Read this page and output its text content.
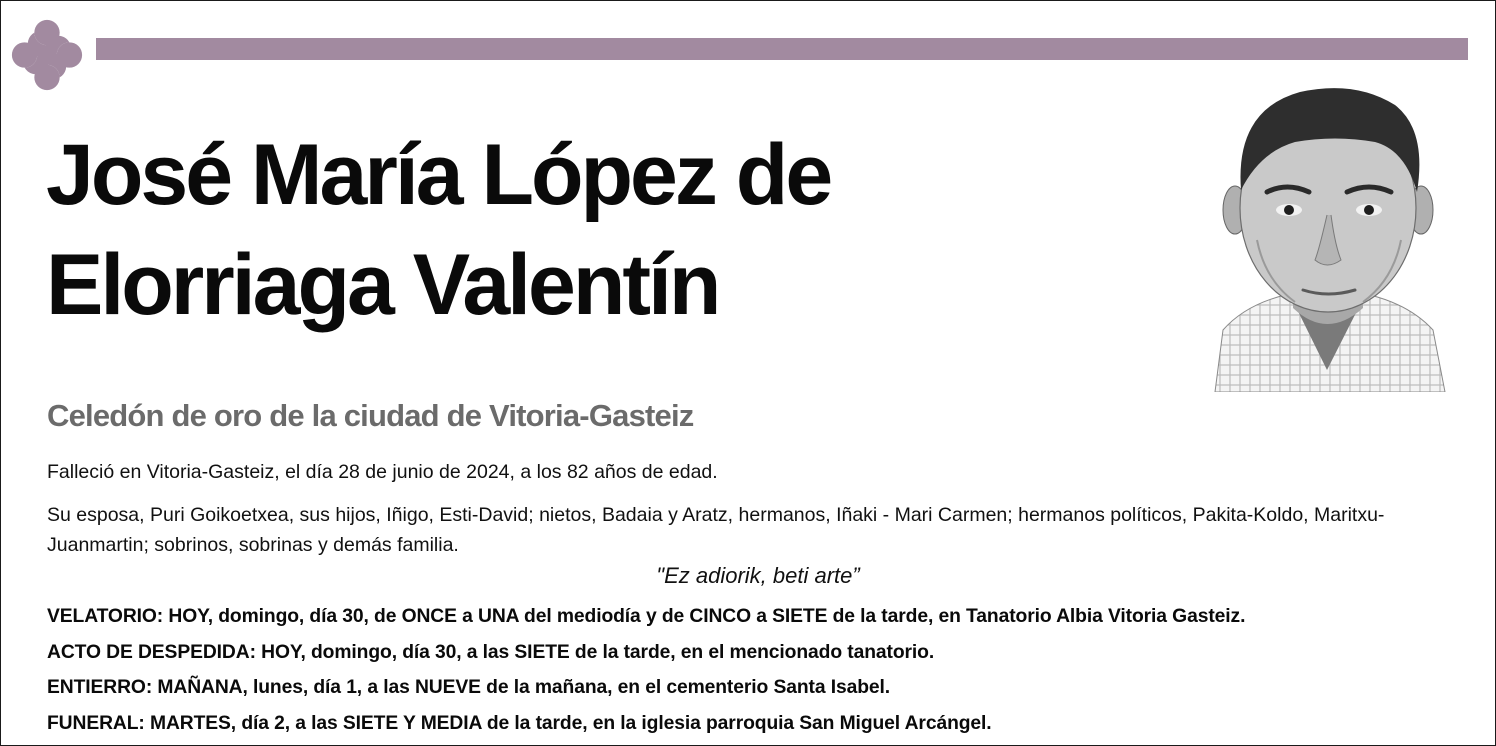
José María López de
Elorriaga Valentín
Celedón de oro de la ciudad de Vitoria-Gasteiz

Falleció en Vitoria-Gasteiz, el día 28 de junio de 2024, a los 82 años de edad.

Su esposa, Puri Goikoetxea, sus hijos, Iñigo, Esti-David; nietos, Badaia y Aratz, hermanos, Iñaki - Mari Carmen; hermanos políticos, Pakita-Koldo, Maritxu-Juanmartin; sobrinos, sobrinas y demás familia.

"Ez adiorik, beti arte”

VELATORIO: HOY, domingo, día 30, de ONCE a UNA del mediodía y de CINCO a SIETE de la tarde, en Tanatorio Albia Vitoria Gasteiz.
ACTO DE DESPEDIDA: HOY, domingo, día 30, a las SIETE de la tarde, en el mencionado tanatorio.
ENTIERRO: MAÑANA, lunes, día 1, a las NUEVE de la mañana, en el cementerio Santa Isabel.
FUNERAL: MARTES, día 2, a las SIETE Y MEDIA de la tarde, en la iglesia parroquia San Miguel Arcángel.
